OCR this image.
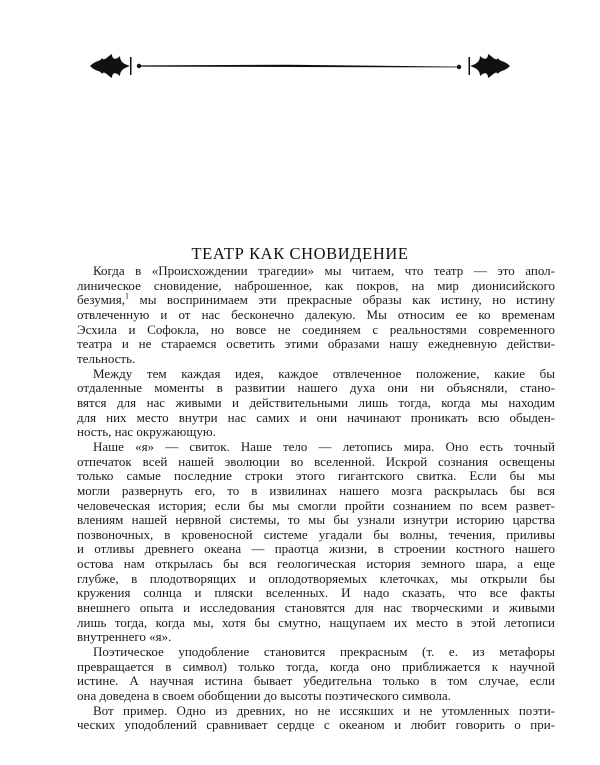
ТЕАТР КАК СНОВИДЕНИЕ
Когда в «Происхождении трагедии» мы читаем, что театр — это апол-
линическое сновидение, наброшенное, как покров, на мир дионисийского
безумия,$^1$ мы воспринимаем эти прекрасные образы как истину, но истину
отвлеченную и от нас бесконечно далекую. Мы относим ее ко временам
Эсхила и Софокла, но вовсе не соединяем с реальностями современного
театра и не стараемся осветить этими образами нашу ежедневную действи-
тельность.
Между тем каждая идея, каждое отвлеченное положение, какие бы
отдаленные моменты в развитии нашего духа они ни объясняли, стано-
вятся для нас живыми и действительными лишь тогда, когда мы находим
для них место внутри нас самих и они начинают проникать всю обыден-
ность, нас окружающую.
Наше «я» — свиток. Наше тело — летопись мира. Оно есть точный
отпечаток всей нашей эволюции во вселенной. Искрой сознания освещены
только самые последние строки этого гигантского свитка. Если бы мы
могли развернуть его, то в извилинах нашего мозга раскрылась бы вся
человеческая история; если бы мы смогли пройти сознанием по всем развет-
влениям нашей нервной системы, то мы бы узнали изнутри историю царства
позвоночных, в кровеносной системе угадали бы волны, течения, приливы
и отливы древнего океана — праотца жизни, в строении костного нашего
остова нам открылась бы вся геологическая история земного шара, а еще
глубже, в плодотворящих и оплодотворяемых клеточках, мы открыли бы
кружения солнца и пляски вселенных. И надо сказать, что все факты
внешнего опыта и исследования становятся для нас творческими и живыми
лишь тогда, когда мы, хотя бы смутно, нащупаем их место в этой летописи
внутреннего «я».
Поэтическое уподобление становится прекрасным (т. е. из метафоры
превращается в символ) только тогда, когда оно приближается к научной
истине. А научная истина бывает убедительна только в том случае, если
она доведена в своем обобщении до высоты поэтического символа.
Вот пример. Одно из древних, но не иссякших и не утомленных поэти-
ческих уподоблений сравнивает сердце с океаном и любит говорить о при-
